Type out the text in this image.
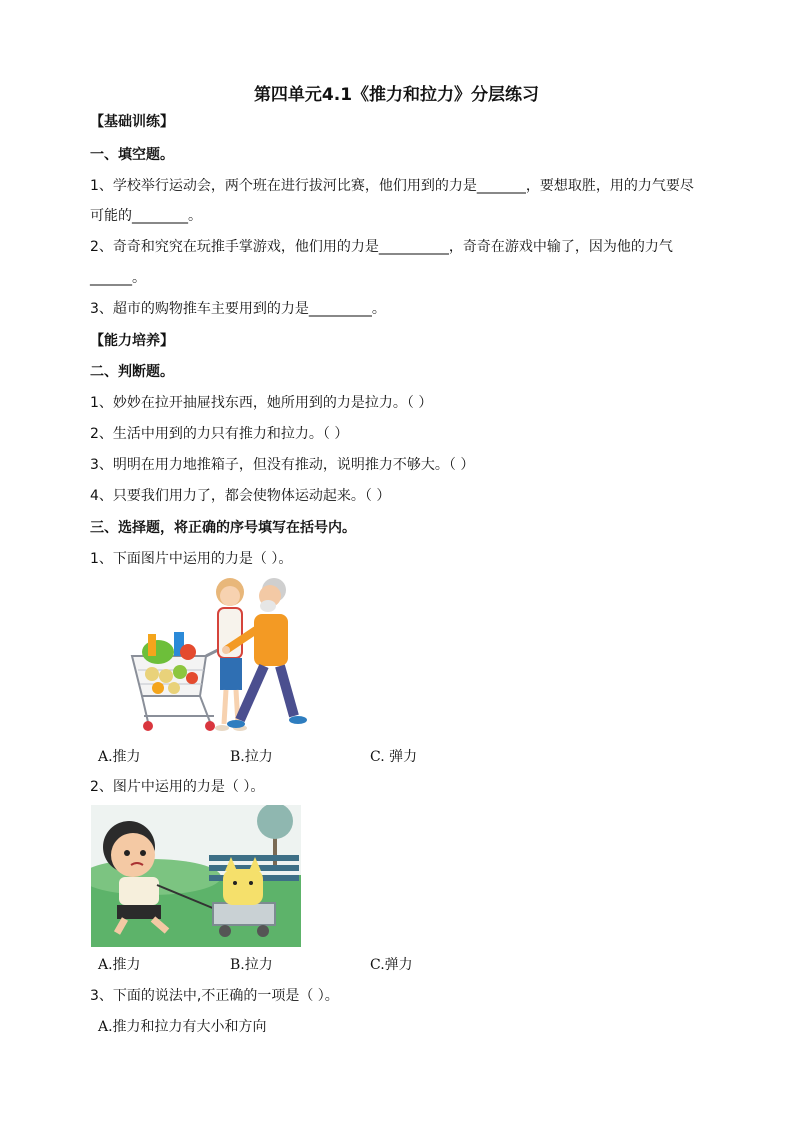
第四单元4.1《推力和拉力》分层练习
【基础训练】
一、填空题。
1、学校举行运动会，两个班在进行拔河比赛，他们用到的力是_______，要想取胜，用的力气要尽
可能的________。
2、奇奇和究究在玩推手掌游戏，他们用的力是__________，奇奇在游戏中输了，因为他的力气
______。
3、超市的购物推车主要用到的力是_________。
【能力培养】
二、判断题。
1、妙妙在拉开抽屉找东西，她所用到的力是拉力。（ ）
2、生活中用到的力只有推力和拉力。（ ）
3、明明在用力地推箱子，但没有推动，说明推力不够大。（ ）
4、只要我们用力了，都会使物体运动起来。（ ）
三、选择题，将正确的序号填写在括号内。
1、下面图片中运用的力是（ ）。
A.推力	B.拉力	C. 弹力
2、图片中运用的力是（ ）。
A.推力	B.拉力	C.弹力
3、下面的说法中,不正确的一项是（ ）。
A.推力和拉力有大小和方向
